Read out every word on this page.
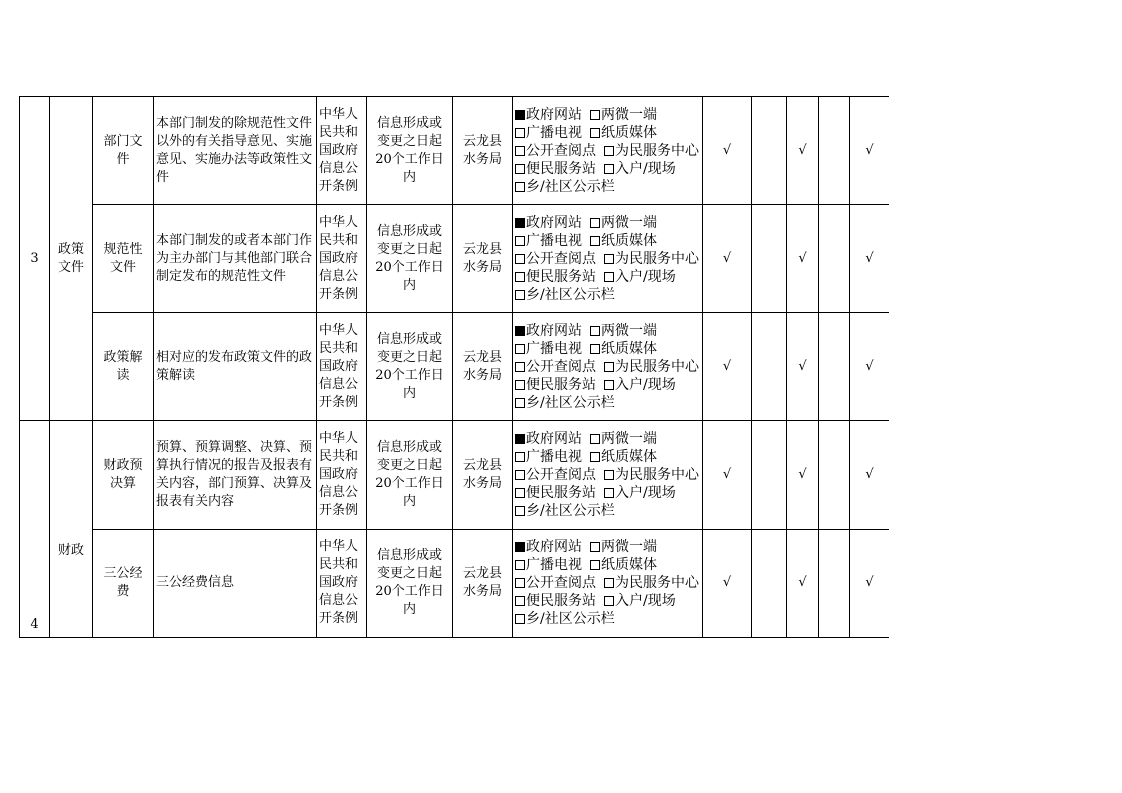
3	政策文件	部门文件	本部门制发的除规范性文件以外的有关指导意见、实施意见、实施办法等政策性文件	中华人民共和国政府信息公开条例	信息形成或变更之日起20个工作日内	云龙县水务局	政府网站 两微一端
广播电视 纸质媒体
公开查阅点 为民服务中心
便民服务站 入户/现场
乡/社区公示栏	√		√		√

		规范性文件	本部门制发的或者本部门作为主办部门与其他部门联合制定发布的规范性文件	中华人民共和国政府信息公开条例	信息形成或变更之日起20个工作日内	云龙县水务局	政府网站 两微一端
广播电视 纸质媒体
公开查阅点 为民服务中心
便民服务站 入户/现场
乡/社区公示栏	√		√		√

		政策解读	相对应的发布政策文件的政策解读	中华人民共和国政府信息公开条例	信息形成或变更之日起20个工作日内	云龙县水务局	政府网站 两微一端
广播电视 纸质媒体
公开查阅点 为民服务中心
便民服务站 入户/现场
乡/社区公示栏	√		√		√

4	财政	财政预决算	预算、预算调整、决算、预算执行情况的报告及报表有关内容，部门预算、决算及报表有关内容	中华人民共和国政府信息公开条例	信息形成或变更之日起20个工作日内	云龙县水务局	政府网站 两微一端
广播电视 纸质媒体
公开查阅点 为民服务中心
便民服务站 入户/现场
乡/社区公示栏	√		√		√

		三公经费	三公经费信息	中华人民共和国政府信息公开条例	信息形成或变更之日起20个工作日内	云龙县水务局	政府网站 两微一端
广播电视 纸质媒体
公开查阅点 为民服务中心
便民服务站 入户/现场
乡/社区公示栏	√		√		√
